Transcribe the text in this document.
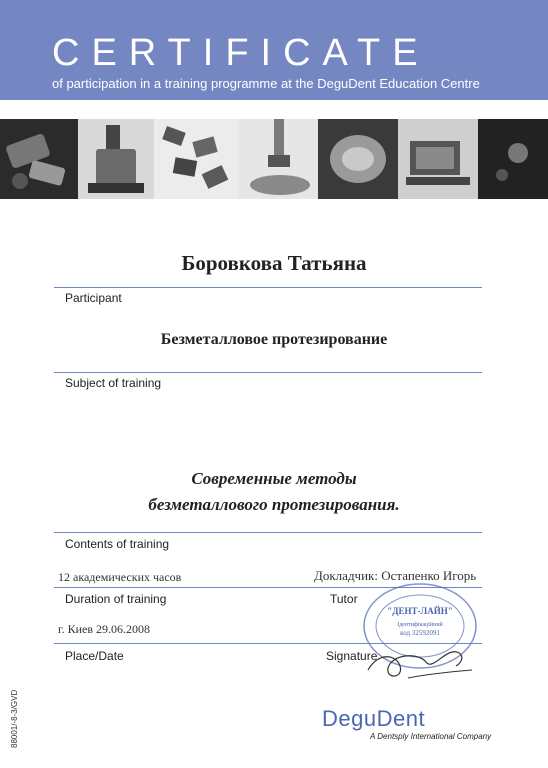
CERTIFICATE
of participation in a training programme at the DeguDent Education Centre
Боровкова Татьяна
Participant
Безметалловое протезирование
Subject of training
Современные методы
безметаллового протезирования.
Contents of training
12 академических часов	Докладчик: Остапенко Игорь
Duration of training	Tutor
г. Киев 29.06.2008
Place/Date	Signature
"ДЕНТ-ЛАЙН"
Ідентифікаційний
код 32592091
88001/-8-3/GVD	DeguDent
A Dentsply International Company
